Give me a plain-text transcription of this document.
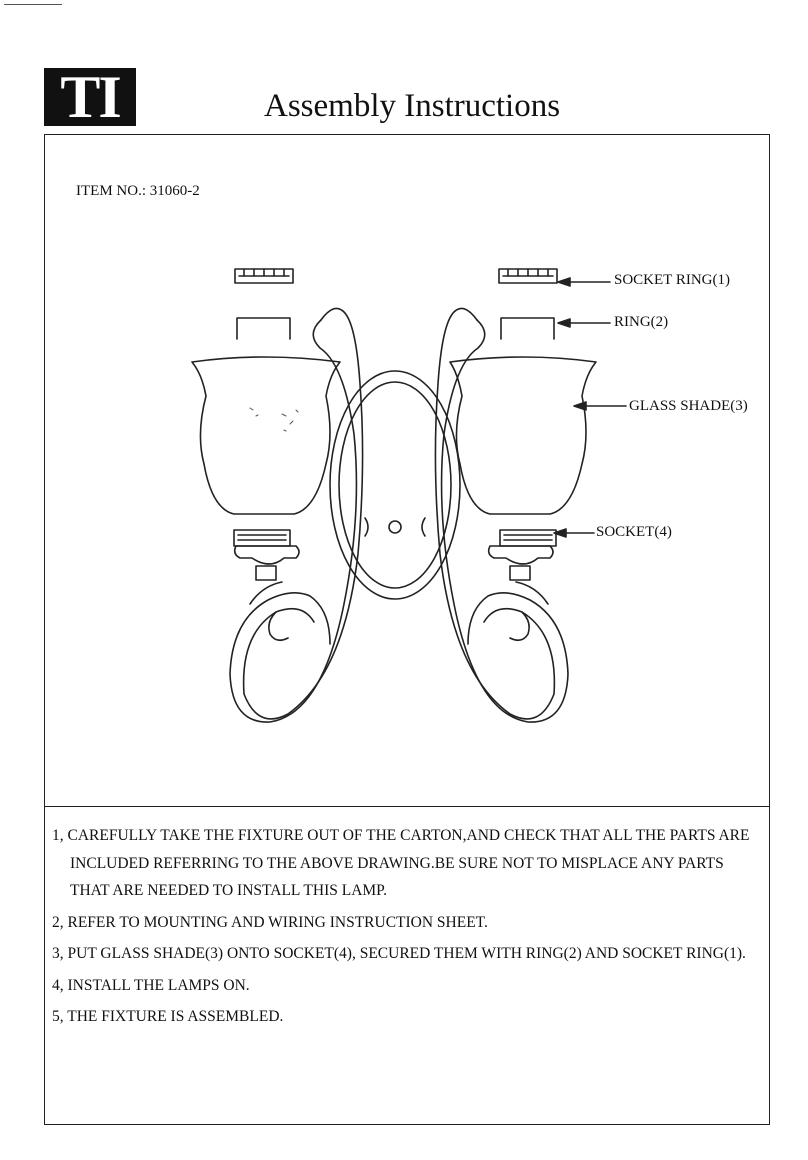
TI	Assembly Instructions
ITEM NO.: 31060-2
SOCKET RING(1)
RING(2)
GLASS SHADE(3)
SOCKET(4)
1, CAREFULLY TAKE THE FIXTURE OUT OF THE CARTON,AND CHECK THAT ALL THE PARTS ARE INCLUDED REFERRING TO THE ABOVE DRAWING.BE SURE NOT TO MISPLACE ANY PARTS THAT ARE NEEDED TO INSTALL THIS LAMP.
2, REFER TO MOUNTING AND WIRING INSTRUCTION SHEET.
3, PUT GLASS SHADE(3) ONTO SOCKET(4), SECURED THEM WITH RING(2) AND SOCKET RING(1).
4, INSTALL THE LAMPS ON.
5, THE FIXTURE IS ASSEMBLED.
